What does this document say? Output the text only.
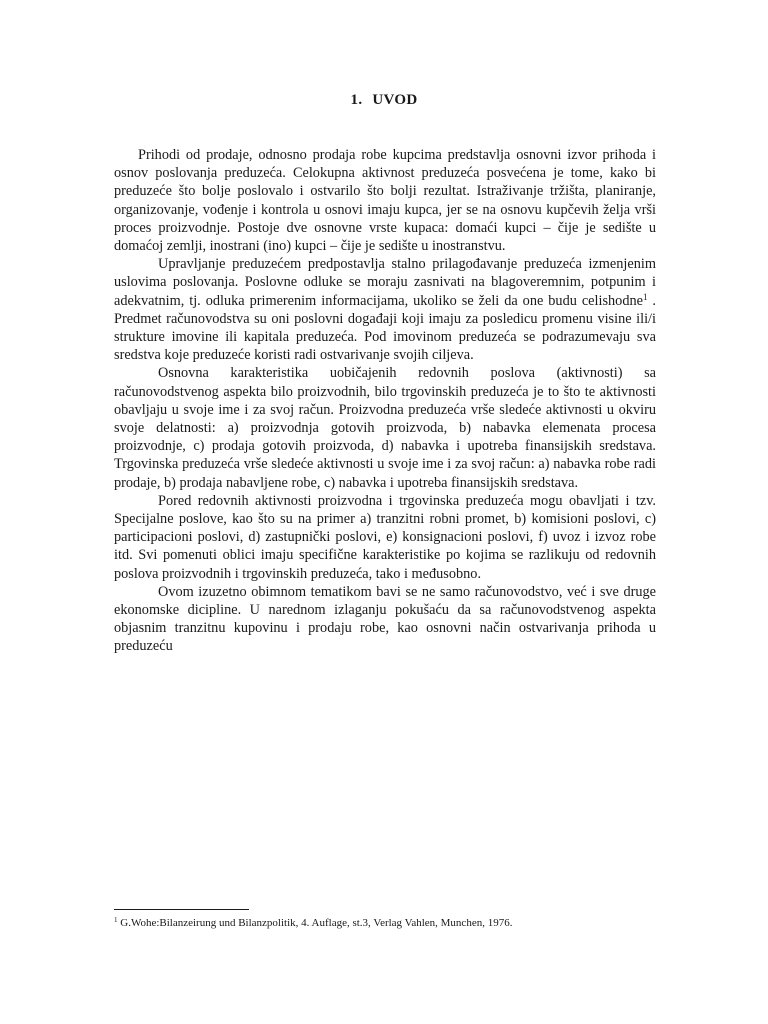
1. UVOD

Prihodi od prodaje, odnosno prodaja robe kupcima predstavlja osnovni izvor prihoda i osnov poslovanja preduzeća. Celokupna aktivnost preduzeća posvećena je tome, kako bi preduzeće što bolje poslovalo i ostvarilo što bolji rezultat. Istraživanje tržišta, planiranje, organizovanje, vođenje i kontrola u osnovi imaju kupca, jer se na osnovu kupčevih želja vrši proces proizvodnje. Postoje dve osnovne vrste kupaca: domaći kupci – čije je sedište u domaćoj zemlji, inostrani (ino) kupci – čije je sedište u inostranstvu.

Upravljanje preduzećem predpostavlja stalno prilagođavanje preduzeća izmenjenim uslovima poslovanja. Poslovne odluke se moraju zasnivati na blagoveremnim, potpunim i adekvatnim, tj. odluka primerenim informacijama, ukoliko se želi da one budu celishodne$^1$ . Predmet računovodstva su oni poslovni događaji koji imaju za posledicu promenu visine ili/i strukture imovine ili kapitala preduzeća. Pod imovinom preduzeća se podrazumevaju sva sredstva koje preduzeće koristi radi ostvarivanje svojih ciljeva.

Osnovna karakteristika uobičajenih redovnih poslova (aktivnosti) sa računovodstvenog aspekta bilo proizvodnih, bilo trgovinskih preduzeća je to što te aktivnosti obavljaju u svoje ime i za svoj račun. Proizvodna preduzeća vrše sledeće aktivnosti u okviru svoje delatnosti: a) proizvodnja gotovih proizvoda, b) nabavka elemenata procesa proizvodnje, c) prodaja gotovih proizvoda, d) nabavka i upotreba finansijskih sredstava. Trgovinska preduzeća vrše sledeće aktivnosti u svoje ime i za svoj račun: a) nabavka robe radi prodaje, b) prodaja nabavljene robe, c) nabavka i upotreba finansijskih sredstava.

Pored redovnih aktivnosti proizvodna i trgovinska preduzeća mogu obavljati i tzv. Specijalne poslove, kao što su na primer a) tranzitni robni promet, b) komisioni poslovi, c) participacioni poslovi, d) zastupnički poslovi, e) konsignacioni poslovi, f) uvoz i izvoz robe itd. Svi pomenuti oblici imaju specifične karakteristike po kojima se razlikuju od redovnih poslova proizvodnih i trgovinskih preduzeća, tako i međusobno.

Ovom izuzetno obimnom tematikom bavi se ne samo računovodstvo, već i sve druge ekonomske dicipline. U narednom izlaganju pokušaću da sa računovodstvenog aspekta objasnim tranzitnu kupovinu i prodaju robe, kao osnovni način ostvarivanja prihoda u preduzeću

$^1$ G.Wohe:Bilanzeirung und Bilanzpolitik, 4. Auflage, st.3, Verlag Vahlen, Munchen, 1976.
